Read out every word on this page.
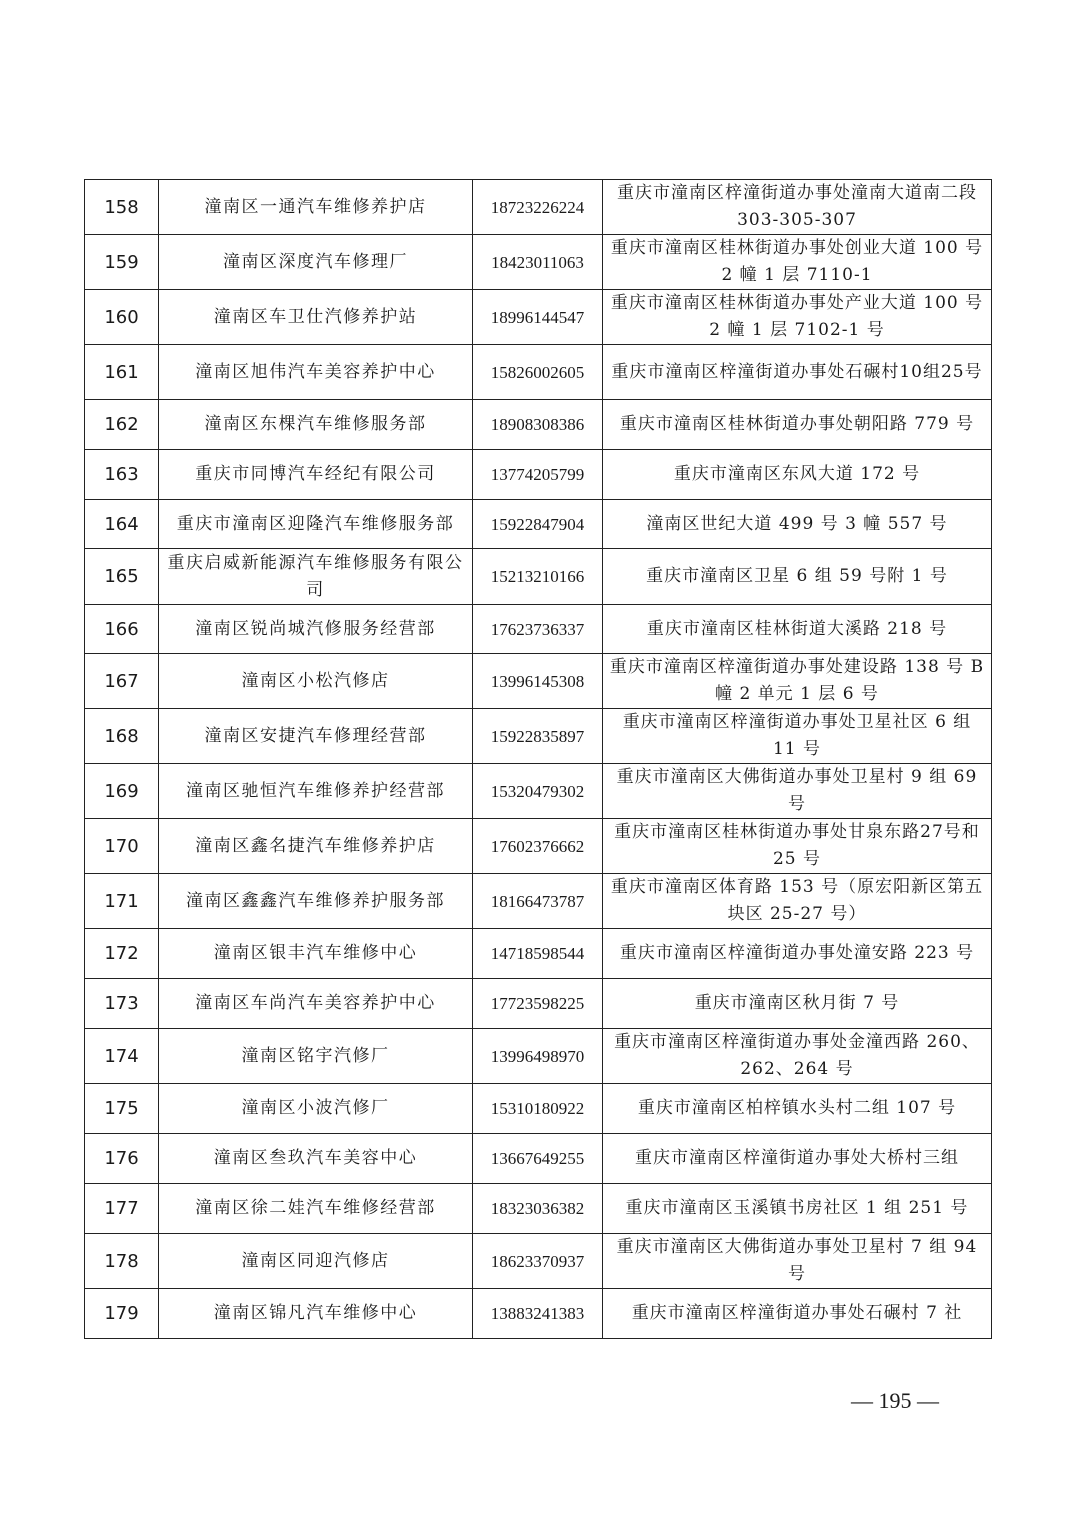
158	潼南区一通汽车维修养护店	18723226224	重庆市潼南区梓潼街道办事处潼南大道南二段 303-305-307
159	潼南区深度汽车修理厂	18423011063	重庆市潼南区桂林街道办事处创业大道 100 号 2 幢 1 层 7110-1
160	潼南区车卫仕汽修养护站	18996144547	重庆市潼南区桂林街道办事处产业大道 100 号 2 幢 1 层 7102-1 号
161	潼南区旭伟汽车美容养护中心	15826002605	重庆市潼南区梓潼街道办事处石碾村10组25号
162	潼南区东棵汽车维修服务部	18908308386	重庆市潼南区桂林街道办事处朝阳路 779 号
163	重庆市同博汽车经纪有限公司	13774205799	重庆市潼南区东风大道 172 号
164	重庆市潼南区迎隆汽车维修服务部	15922847904	潼南区世纪大道 499 号 3 幢 557 号
165	重庆启威新能源汽车维修服务有限公司	15213210166	重庆市潼南区卫星 6 组 59 号附 1 号
166	潼南区锐尚城汽修服务经营部	17623736337	重庆市潼南区桂林街道大溪路 218 号
167	潼南区小松汽修店	13996145308	重庆市潼南区梓潼街道办事处建设路 138 号 B 幢 2 单元 1 层 6 号
168	潼南区安捷汽车修理经营部	15922835897	重庆市潼南区梓潼街道办事处卫星社区 6 组 11 号
169	潼南区驰恒汽车维修养护经营部	15320479302	重庆市潼南区大佛街道办事处卫星村 9 组 69 号
170	潼南区鑫名捷汽车维修养护店	17602376662	重庆市潼南区桂林街道办事处甘泉东路27号和 25 号
171	潼南区鑫鑫汽车维修养护服务部	18166473787	重庆市潼南区体育路 153 号（原宏阳新区第五块区 25-27 号）
172	潼南区银丰汽车维修中心	14718598544	重庆市潼南区梓潼街道办事处潼安路 223 号
173	潼南区车尚汽车美容养护中心	17723598225	重庆市潼南区秋月街 7 号
174	潼南区铭宇汽修厂	13996498970	重庆市潼南区梓潼街道办事处金潼西路 260、262、264 号
175	潼南区小波汽修厂	15310180922	重庆市潼南区柏梓镇水头村二组 107 号
176	潼南区叁玖汽车美容中心	13667649255	重庆市潼南区梓潼街道办事处大桥村三组
177	潼南区徐二娃汽车维修经营部	18323036382	重庆市潼南区玉溪镇书房社区 1 组 251 号
178	潼南区同迎汽修店	18623370937	重庆市潼南区大佛街道办事处卫星村 7 组 94 号
179	潼南区锦凡汽车维修中心	13883241383	重庆市潼南区梓潼街道办事处石碾村 7 社
— 195 —
